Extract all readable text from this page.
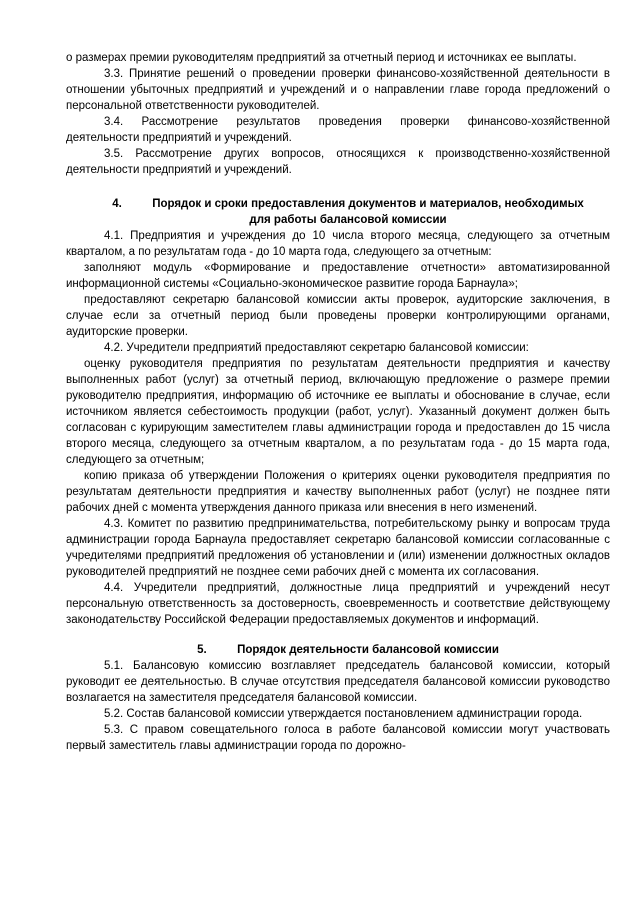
о размерах премии руководителям предприятий за отчетный период и источниках ее выплаты.

3.3. Принятие решений о проведении проверки финансово-хозяйственной деятельности в отношении убыточных предприятий и учреждений и о направлении главе города предложений о персональной ответственности руководителей.

3.4. Рассмотрение результатов проведения проверки финансово-хозяйственной деятельности предприятий и учреждений.

3.5. Рассмотрение других вопросов, относящихся к производственно-хозяйственной деятельности предприятий и учреждений.

4.	Порядок и сроки предоставления документов и материалов, необходимых для работы балансовой комиссии

4.1. Предприятия и учреждения до 10 числа второго месяца, следующего за отчетным кварталом, а по результатам года - до 10 марта года, следующего за отчетным:

заполняют модуль «Формирование и предоставление отчетности» автоматизированной информационной системы «Социально-экономическое развитие города Барнаула»;

предоставляют секретарю балансовой комиссии акты проверок, аудиторские заключения, в случае если за отчетный период были проведены проверки контролирующими органами, аудиторские проверки.

4.2. Учредители предприятий предоставляют секретарю балансовой комиссии:

оценку руководителя предприятия по результатам деятельности предприятия и качеству выполненных работ (услуг) за отчетный период, включающую предложение о размере премии руководителю предприятия, информацию об источнике ее выплаты и обоснование в случае, если источником является себестоимость продукции (работ, услуг). Указанный документ должен быть согласован с курирующим заместителем главы администрации города и предоставлен до 15 числа второго месяца, следующего за отчетным кварталом, а по результатам года - до 15 марта года, следующего за отчетным;

копию приказа об утверждении Положения о критериях оценки руководителя предприятия по результатам деятельности предприятия и качеству выполненных работ (услуг) не позднее пяти рабочих дней с момента утверждения данного приказа или внесения в него изменений.

4.3. Комитет по развитию предпринимательства, потребительскому рынку и вопросам труда администрации города Барнаула предоставляет секретарю балансовой комиссии согласованные с учредителями предприятий предложения об установлении и (или) изменении должностных окладов руководителей предприятий не позднее семи рабочих дней с момента их согласования.

4.4. Учредители предприятий, должностные лица предприятий и учреждений несут персональную ответственность за достоверность, своевременность и соответствие действующему законодательству Российской Федерации предоставляемых документов и информаций.

5.	Порядок деятельности балансовой комиссии

5.1. Балансовую комиссию возглавляет председатель балансовой комиссии, который руководит ее деятельностью. В случае отсутствия председателя балансовой комиссии руководство возлагается на заместителя председателя балансовой комиссии.

5.2. Состав балансовой комиссии утверждается постановлением администрации города.

5.3. С правом совещательного голоса в работе балансовой комиссии могут участвовать первый заместитель главы администрации города по дорожно-
